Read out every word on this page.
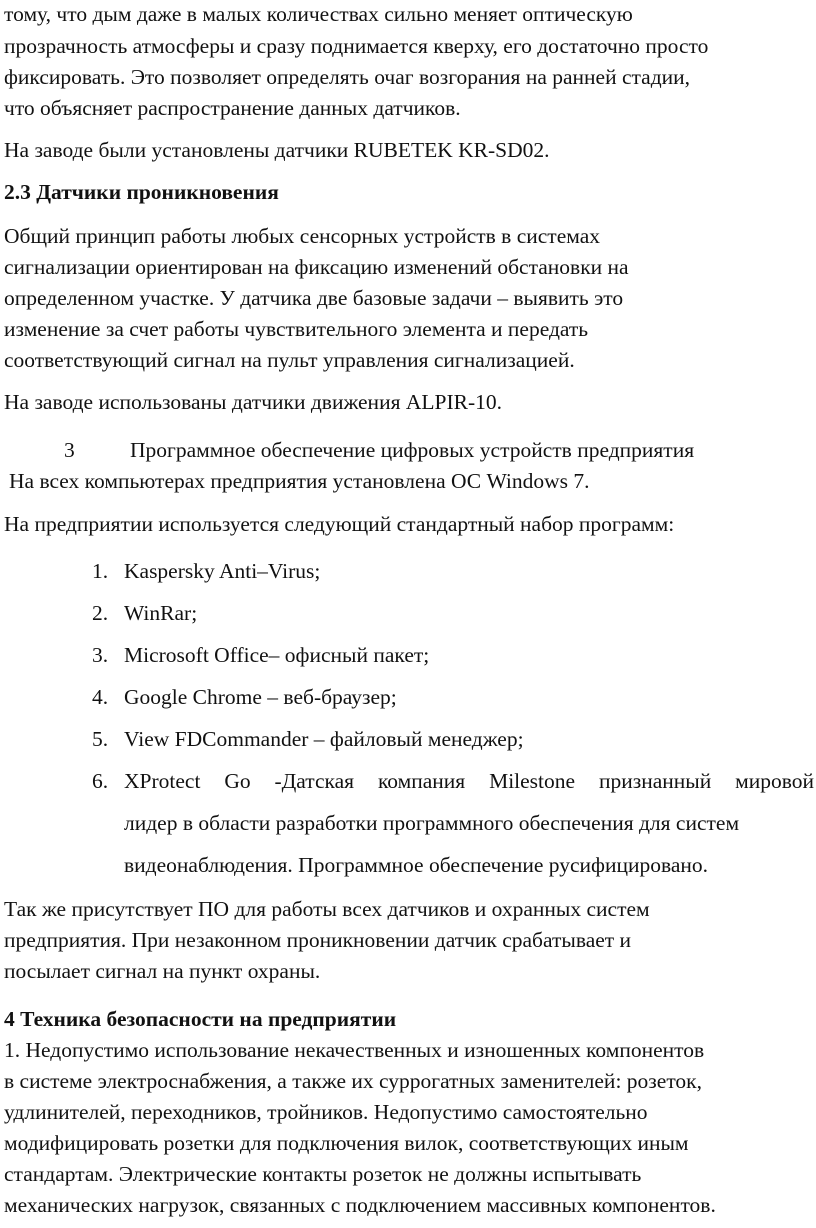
тому, что дым даже в малых количествах сильно меняет оптическую
прозрачность атмосферы и сразу поднимается кверху, его достаточно просто
фиксировать. Это позволяет определять очаг возгорания на ранней стадии,
что объясняет распространение данных датчиков.
На заводе были установлены датчики RUBETEK KR-SD02.
2.3 Датчики проникновения
Общий принцип работы любых сенсорных устройств в системах
сигнализации ориентирован на фиксацию изменений обстановки на
определенном участке. У датчика две базовые задачи – выявить это
изменение за счет работы чувствительного элемента и передать
соответствующий сигнал на пульт управления сигнализацией.
На заводе использованы датчики движения ALPIR-10.
3	Программное обеспечение цифровых устройств предприятия
На всех компьютерах предприятия установлена ОС Windows 7.
На предприятии используется следующий стандартный набор программ:
1. Kaspersky Anti–Virus;
2. WinRar;
3. Microsoft Office– офисный пакет;
4. Google Chrome – веб-браузер;
5. View FDCommander – файловый менеджер;
6. XProtect Go -Датская компания Milestone признанный мировой
лидер в области разработки программного обеспечения для систем
видеонаблюдения. Программное обеспечение русифицировано.
Так же присутствует ПО для работы всех датчиков и охранных систем
предприятия. При незаконном проникновении датчик срабатывает и
посылает сигнал на пункт охраны.
4 Техника безопасности на предприятии
1. Недопустимо использование некачественных и изношенных компонентов
в системе электроснабжения, а также их суррогатных заменителей: розеток,
удлинителей, переходников, тройников. Недопустимо самостоятельно
модифицировать розетки для подключения вилок, соответствующих иным
стандартам. Электрические контакты розеток не должны испытывать
механических нагрузок, связанных с подключением массивных компонентов.
